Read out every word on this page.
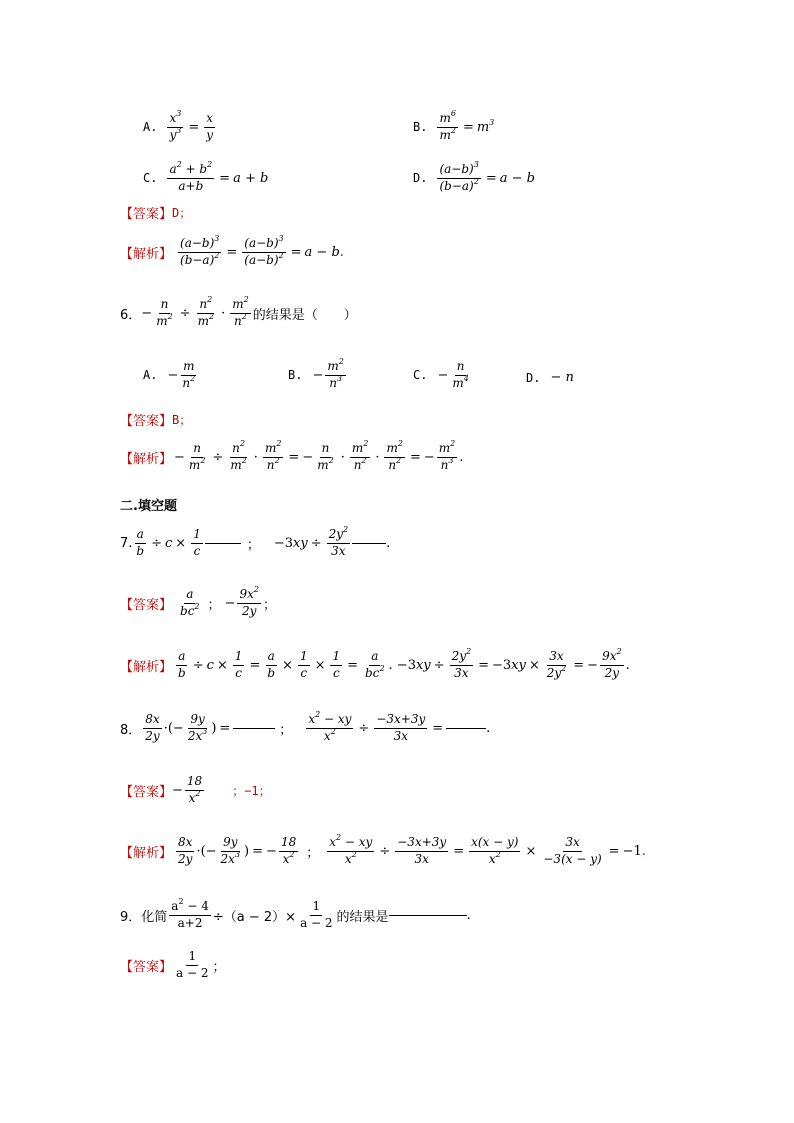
A. $\frac{x^3}{y^3} = \frac{x}{y}$	B. $\frac{m^6}{m^2} = m^3$
C. $\frac{a^2 + b^2}{a+b} = a + b$	D. $\frac{(a-b)^3}{(b-a)^2} = a - b$
【答案】 D；
【解析】 $\frac{(a-b)^3}{(b-a)^2} = \frac{(a-b)^3}{(a-b)^2} = a - b$ .
6． − $\frac{n}{m^2} \div \frac{n^2}{m^2} \cdot \frac{m^2}{n^2}$ 的结果是（　　）
A. − $\frac{m}{n^2}$	B. − $\frac{m^2}{n^3}$	C. − $\frac{n}{m^4}$	D. − n
【答案】 B；
【解析】 − $\frac{n}{m^2} \div \frac{n^2}{m^2} \cdot \frac{m^2}{n^2}$ = − $\frac{n}{m^2} \cdot \frac{m^2}{n^2} \cdot \frac{m^2}{n^2}$ = − $\frac{m^2}{n^3}$ .
二.填空题
7. $\frac{a}{b} \div c \times \frac{1}{c}$	； $-3xy \div \frac{2y^2}{3x}$	.
【答案】 $\frac{a}{bc^2}$ ； − $\frac{9x^2}{2y}$ ；
【解析】 $\frac{a}{b} \div c \times \frac{1}{c} = \frac{a}{b} \times \frac{1}{c} \times \frac{1}{c} = \frac{a}{bc^2}$ . $-3xy \div \frac{2y^2}{3x} = -3xy \times \frac{3x}{2y^2}$ = − $\frac{9x^2}{2y}$ .
8． $\frac{8x}{2y}$ ·(− $\frac{9y}{2x^3}$ ) =	； $\frac{x^2 - xy}{x^2} \div \frac{-3x+3y}{3x}$ =	.
【答案】 − $\frac{18}{x^2}$ ；−1；
【解析】 $\frac{8x}{2y}$ ·(− $\frac{9y}{2x^3}$ ) = − $\frac{18}{x^2}$ ； $\frac{x^2 - xy}{x^2} \div \frac{-3x+3y}{3x} = \frac{x(x - y)}{x^2} \times \frac{3x}{-3(x - y)} = -1$ .
9． 化简 $\frac{a^2 - 4}{a+2} \div(a - 2)\times \frac{1}{a - 2}$ 的结果是	.
【答案】 $\frac{1}{a - 2}$ ；
